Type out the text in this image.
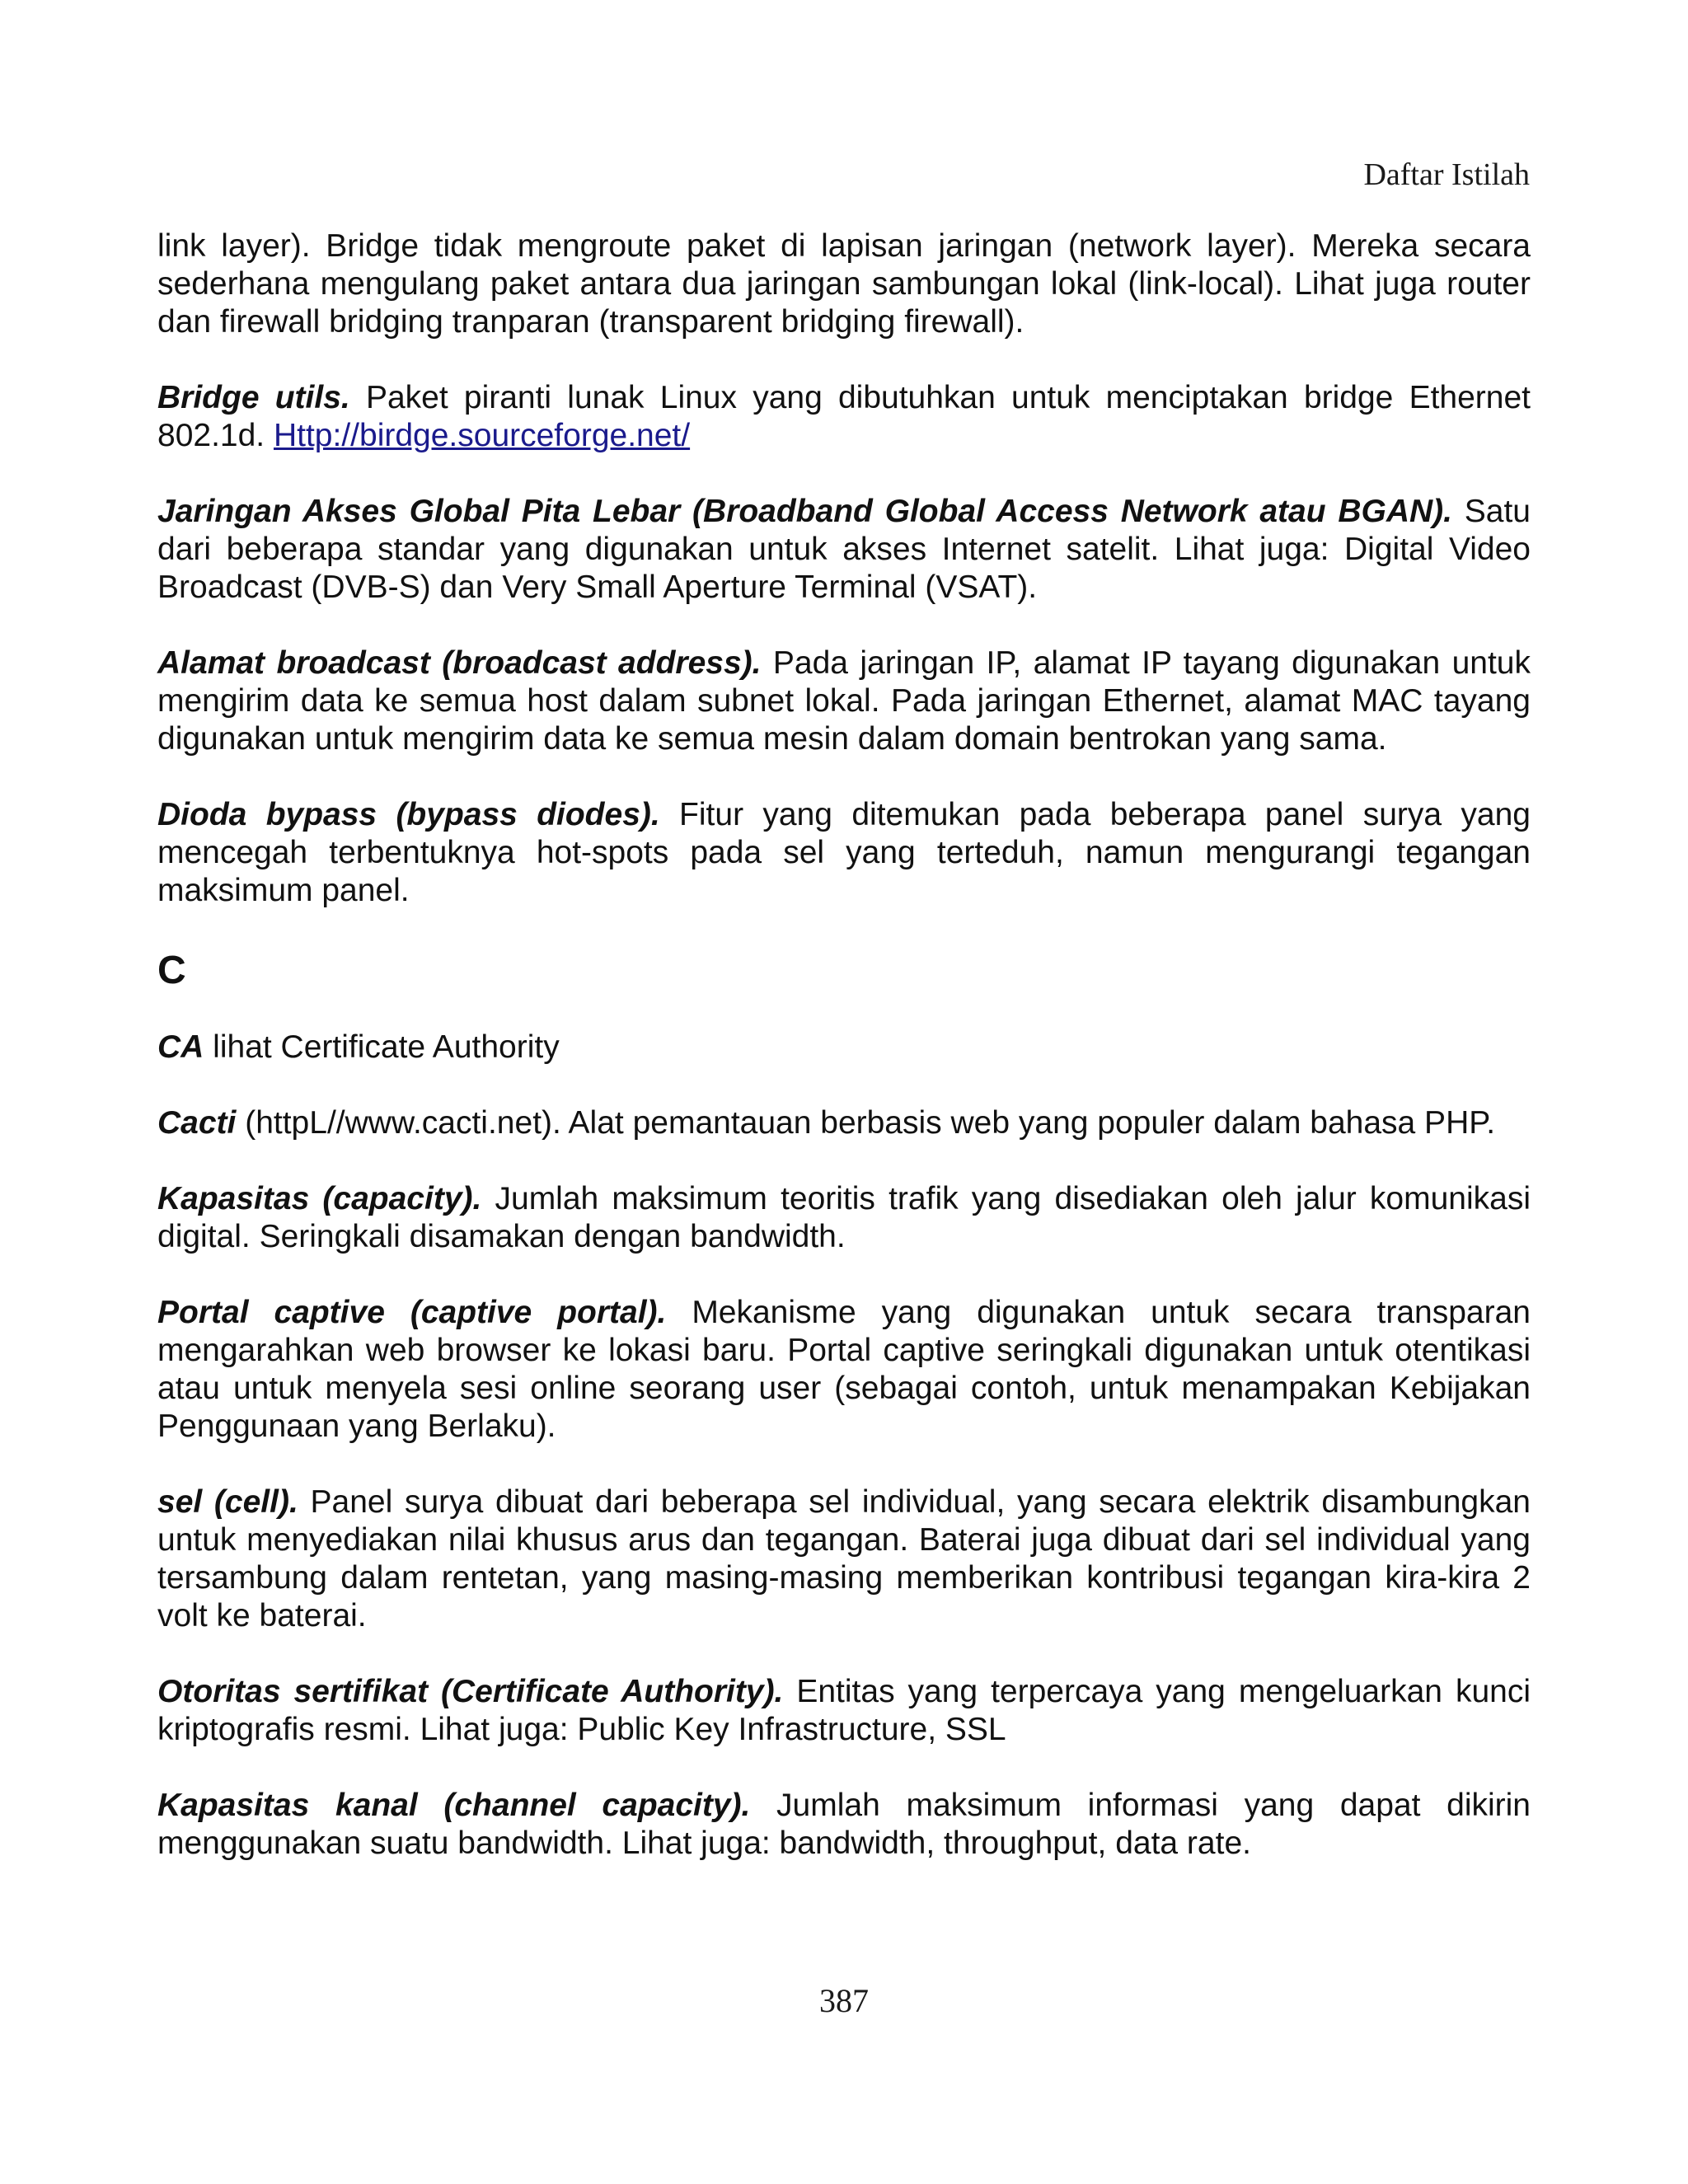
Daftar Istilah

link layer). Bridge tidak mengroute paket di lapisan jaringan (network layer). Mereka secara sederhana mengulang paket antara dua jaringan sambungan lokal (link-local). Lihat juga router dan firewall bridging tranparan (transparent bridging firewall).

Bridge utils. Paket piranti lunak Linux yang dibutuhkan untuk menciptakan bridge Ethernet 802.1d. Http://birdge.sourceforge.net/

Jaringan Akses Global Pita Lebar (Broadband Global Access Network atau BGAN). Satu dari beberapa standar yang digunakan untuk akses Internet satelit. Lihat juga: Digital Video Broadcast (DVB-S) dan Very Small Aperture Terminal (VSAT).

Alamat broadcast (broadcast address). Pada jaringan IP, alamat IP tayang digunakan untuk mengirim data ke semua host dalam subnet lokal. Pada jaringan Ethernet, alamat MAC tayang digunakan untuk mengirim data ke semua mesin dalam domain bentrokan yang sama.

Dioda bypass (bypass diodes). Fitur yang ditemukan pada beberapa panel surya yang mencegah terbentuknya hot-spots pada sel yang terteduh, namun mengurangi tegangan maksimum panel.

C

CA lihat Certificate Authority

Cacti (httpL//www.cacti.net). Alat pemantauan berbasis web yang populer dalam bahasa PHP.

Kapasitas (capacity). Jumlah maksimum teoritis trafik yang disediakan oleh jalur komunikasi digital. Seringkali disamakan dengan bandwidth.

Portal captive (captive portal). Mekanisme yang digunakan untuk secara transparan mengarahkan web browser ke lokasi baru. Portal captive seringkali digunakan untuk otentikasi atau untuk menyela sesi online seorang user (sebagai contoh, untuk menampakan Kebijakan Penggunaan yang Berlaku).

sel (cell). Panel surya dibuat dari beberapa sel individual, yang secara elektrik disambungkan untuk menyediakan nilai khusus arus dan tegangan. Baterai juga dibuat dari sel individual yang tersambung dalam rentetan, yang masing-masing memberikan kontribusi tegangan kira-kira 2 volt ke baterai.

Otoritas sertifikat (Certificate Authority). Entitas yang terpercaya yang mengeluarkan kunci kriptografis resmi. Lihat juga: Public Key Infrastructure, SSL

Kapasitas kanal (channel capacity). Jumlah maksimum informasi yang dapat dikirin menggunakan suatu bandwidth. Lihat juga: bandwidth, throughput, data rate.

387
